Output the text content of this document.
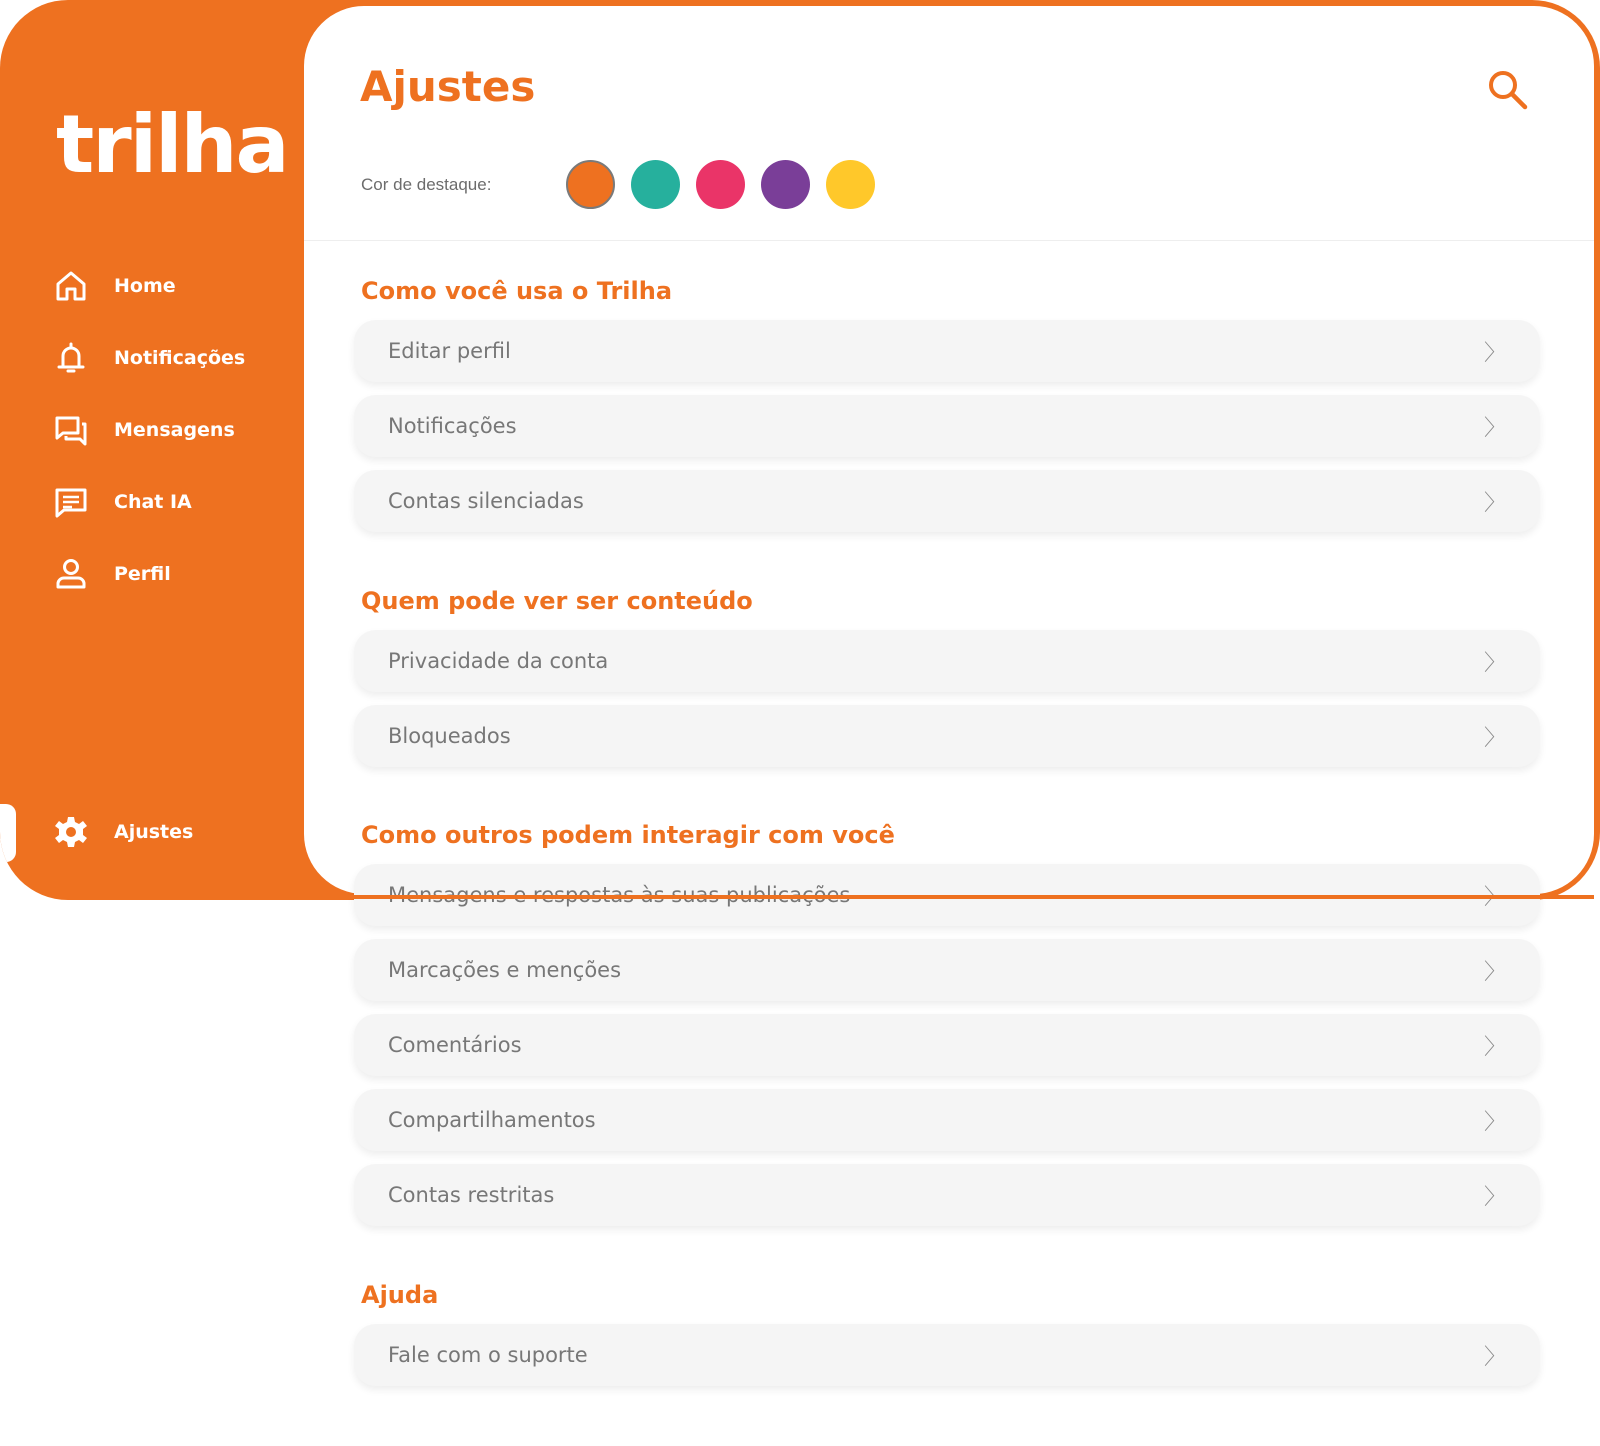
trilha
Home
Notificações
Mensagens
Chat IA
Perfil
Ajustes
Ajustes
Cor de destaque:
Como você usa o Trilha
Editar perfil	〉
Notificações	〉
Contas silenciadas	〉
Quem pode ver ser conteúdo
Privacidade da conta	〉
Bloqueados	〉
Como outros podem interagir com você
Marcações e menções	〉
Comentários	〉
Compartilhamentos	〉
Contas restritas	〉
Ajuda
Fale com o suporte	〉
